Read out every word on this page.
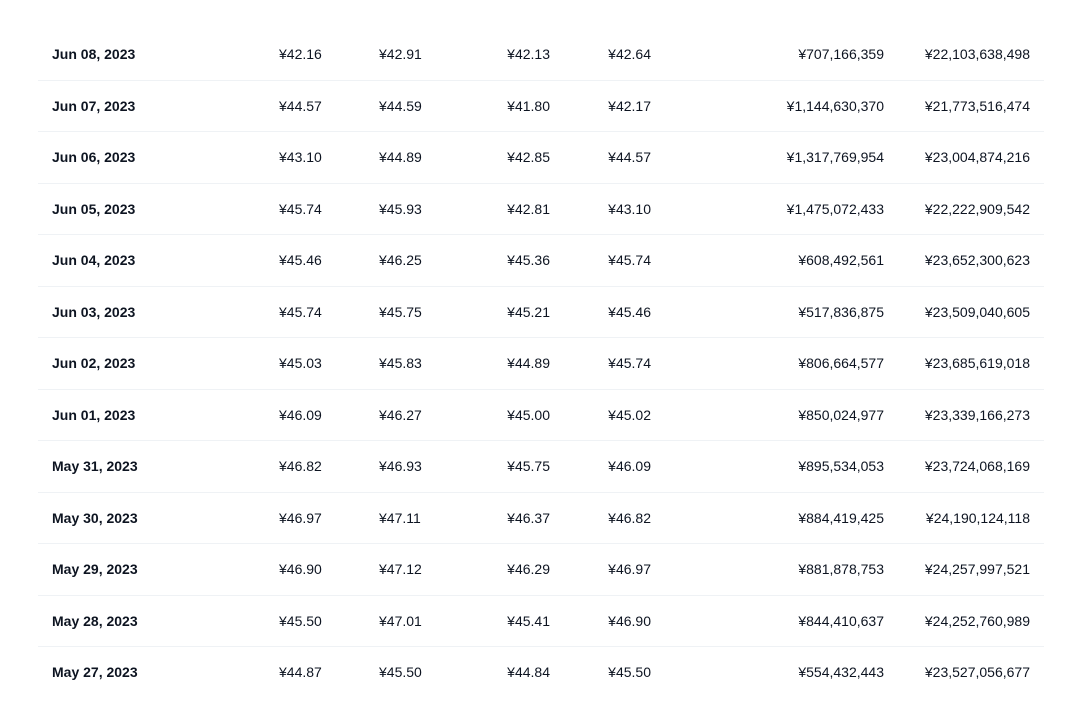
Jun 08, 2023	¥42.16	¥42.91	¥42.13	¥42.64	¥707,166,359	¥22,103,638,498
Jun 07, 2023	¥44.57	¥44.59	¥41.80	¥42.17	¥1,144,630,370	¥21,773,516,474
Jun 06, 2023	¥43.10	¥44.89	¥42.85	¥44.57	¥1,317,769,954	¥23,004,874,216
Jun 05, 2023	¥45.74	¥45.93	¥42.81	¥43.10	¥1,475,072,433	¥22,222,909,542
Jun 04, 2023	¥45.46	¥46.25	¥45.36	¥45.74	¥608,492,561	¥23,652,300,623
Jun 03, 2023	¥45.74	¥45.75	¥45.21	¥45.46	¥517,836,875	¥23,509,040,605
Jun 02, 2023	¥45.03	¥45.83	¥44.89	¥45.74	¥806,664,577	¥23,685,619,018
Jun 01, 2023	¥46.09	¥46.27	¥45.00	¥45.02	¥850,024,977	¥23,339,166,273
May 31, 2023	¥46.82	¥46.93	¥45.75	¥46.09	¥895,534,053	¥23,724,068,169
May 30, 2023	¥46.97	¥47.11	¥46.37	¥46.82	¥884,419,425	¥24,190,124,118
May 29, 2023	¥46.90	¥47.12	¥46.29	¥46.97	¥881,878,753	¥24,257,997,521
May 28, 2023	¥45.50	¥47.01	¥45.41	¥46.90	¥844,410,637	¥24,252,760,989
May 27, 2023	¥44.87	¥45.50	¥44.84	¥45.50	¥554,432,443	¥23,527,056,677
